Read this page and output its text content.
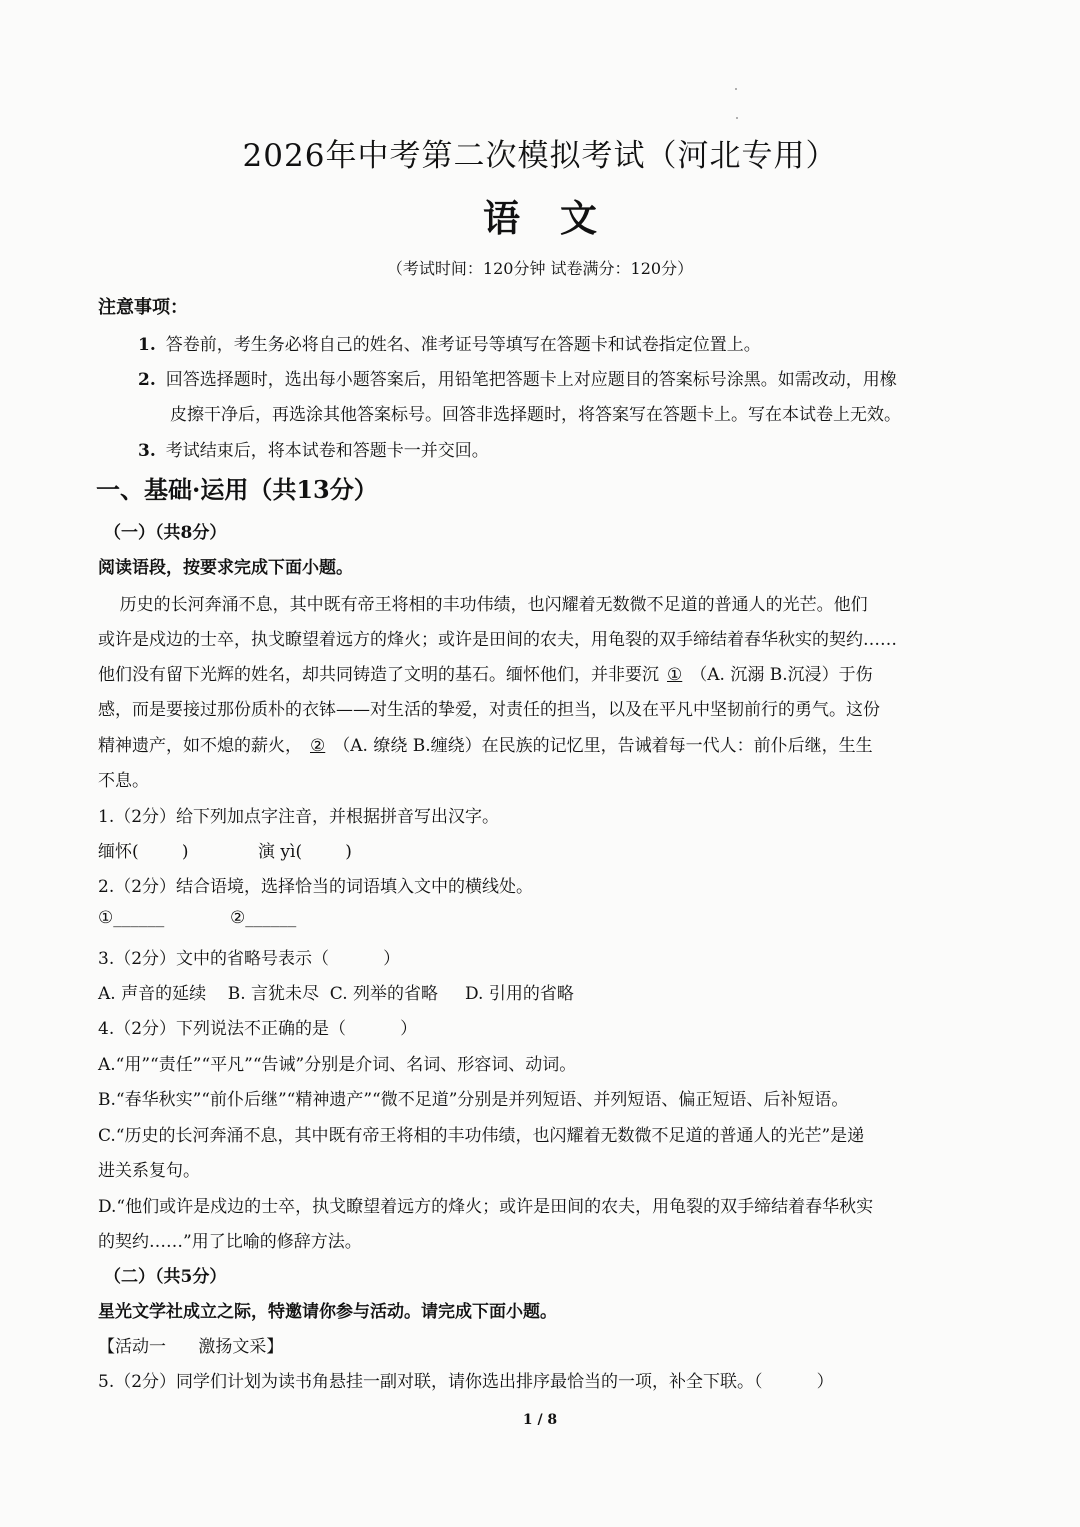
2026年中考第二次模拟考试（河北专用）
语文
（考试时间：120分钟 试卷满分：120分）
注意事项：
1. 答卷前，考生务必将自己的姓名、准考证号等填写在答题卡和试卷指定位置上。
2. 回答选择题时，选出每小题答案后，用铅笔把答题卡上对应题目的答案标号涂黑。如需改动，用橡
皮擦干净后，再选涂其他答案标号。回答非选择题时，将答案写在答题卡上。写在本试卷上无效。
3. 考试结束后，将本试卷和答题卡一并交回。
一、基础·运用（共13分）
（一）（共8分）
阅读语段，按要求完成下面小题。
历史的长河奔涌不息，其中既有帝王将相的丰功伟绩，也闪耀着无数微不足道的普通人的光芒。他们
或许是戍边的士卒，执戈瞭望着远方的烽火；或许是田间的农夫，用龟裂的双手缔结着春华秋实的契约……
他们没有留下光辉的姓名，却共同铸造了文明的基石。缅怀他们，并非要沉 ① （A. 沉溺 B.沉浸）于伤
感，而是要接过那份质朴的衣钵——对生活的挚爱，对责任的担当，以及在平凡中坚韧前行的勇气。这份
精神遗产，如不熄的薪火， ② （A. 缭绕 B.缠绕）在民族的记忆里，告诫着每一代人：前仆后继，生生
不息。
1.（2分）给下列加点字注音，并根据拼音写出汉字。
缅怀(        )	演 yì(        )
2.（2分）结合语境，选择恰当的词语填入文中的横线处。
①______	②______
3.（2分）文中的省略号表示（          ）
A. 声音的延续    B. 言犹未尽  C. 列举的省略     D. 引用的省略
4.（2分）下列说法不正确的是（          ）
A.“用”“责任”“平凡”“告诫”分别是介词、名词、形容词、动词。
B.“春华秋实”“前仆后继”“精神遗产”“微不足道”分别是并列短语、并列短语、偏正短语、后补短语。
C.“历史的长河奔涌不息，其中既有帝王将相的丰功伟绩，也闪耀着无数微不足道的普通人的光芒”是递
进关系复句。
D.“他们或许是戍边的士卒，执戈瞭望着远方的烽火；或许是田间的农夫，用龟裂的双手缔结着春华秋实
的契约……”用了比喻的修辞方法。
（二）（共5分）
星光文学社成立之际，特邀请你参与活动。请完成下面小题。
【活动一      激扬文采】
5.（2分）同学们计划为读书角悬挂一副对联，请你选出排序最恰当的一项，补全下联。（          ）
1 / 8
